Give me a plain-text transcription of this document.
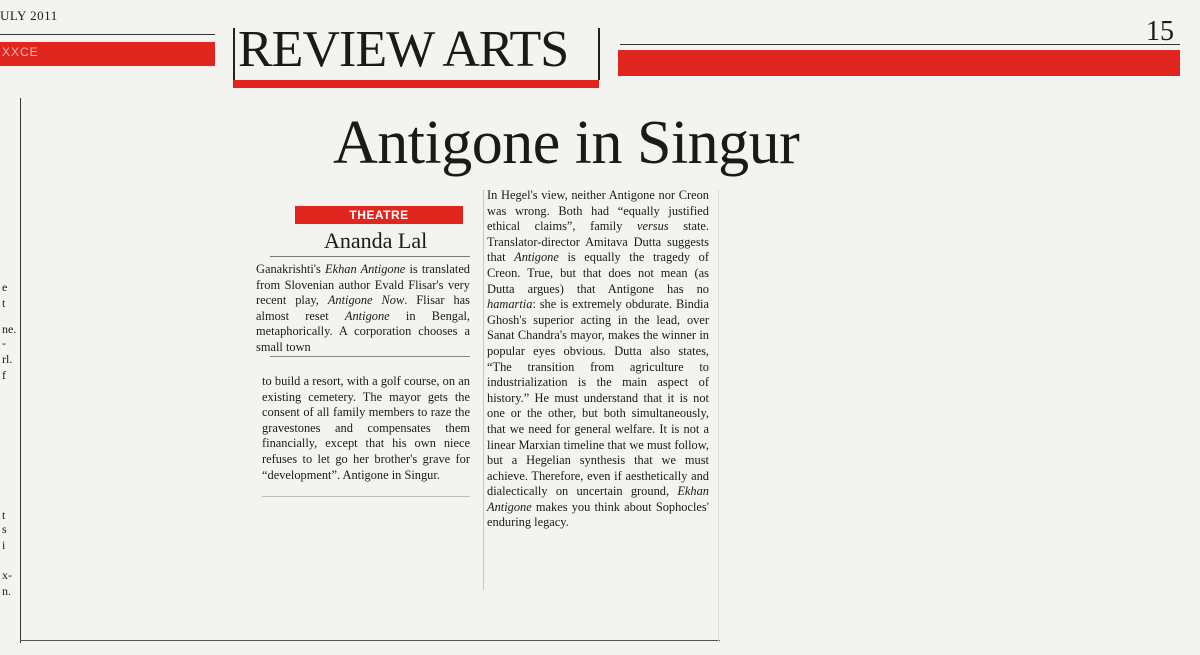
ULY 2011
XXCE	REVIEW ARTS	15
e
t
ne.
-
rl.
f
t
s
i
x-
n.
Antigone in Singur
THEATRE
Ananda Lal

Ganakrishti's Ekhan Antigone is translated from Slovenian author Evald Flisar's very recent play, Antigone Now. Flisar has almost reset Antigone in Bengal, metaphorically. A corporation chooses a small town

to build a resort, with a golf course, on an existing cemetery. The mayor gets the consent of all family members to raze the gravestones and compensates them financially, except that his own niece refuses to let go her brother's grave for “development”. Antigone in Singur.

In Hegel's view, neither Antigone nor Creon was wrong. Both had “equally justified ethical claims”, family versus state. Translator-director Amitava Dutta suggests that Antigone is equally the tragedy of Creon. True, but that does not mean (as Dutta argues) that Antigone has no hamartia: she is extremely obdurate. Bindia Ghosh's superior acting in the lead, over Sanat Chandra's mayor, makes the winner in popular eyes obvious. Dutta also states, “The transition from agriculture to industrialization is the main aspect of history.” He must understand that it is not one or the other, but both simultaneously, that we need for general welfare. It is not a linear Marxian timeline that we must follow, but a Hegelian synthesis that we must achieve. Therefore, even if aesthetically and dialectically on uncertain ground, Ekhan Antigone makes you think about Sophocles' enduring legacy.
